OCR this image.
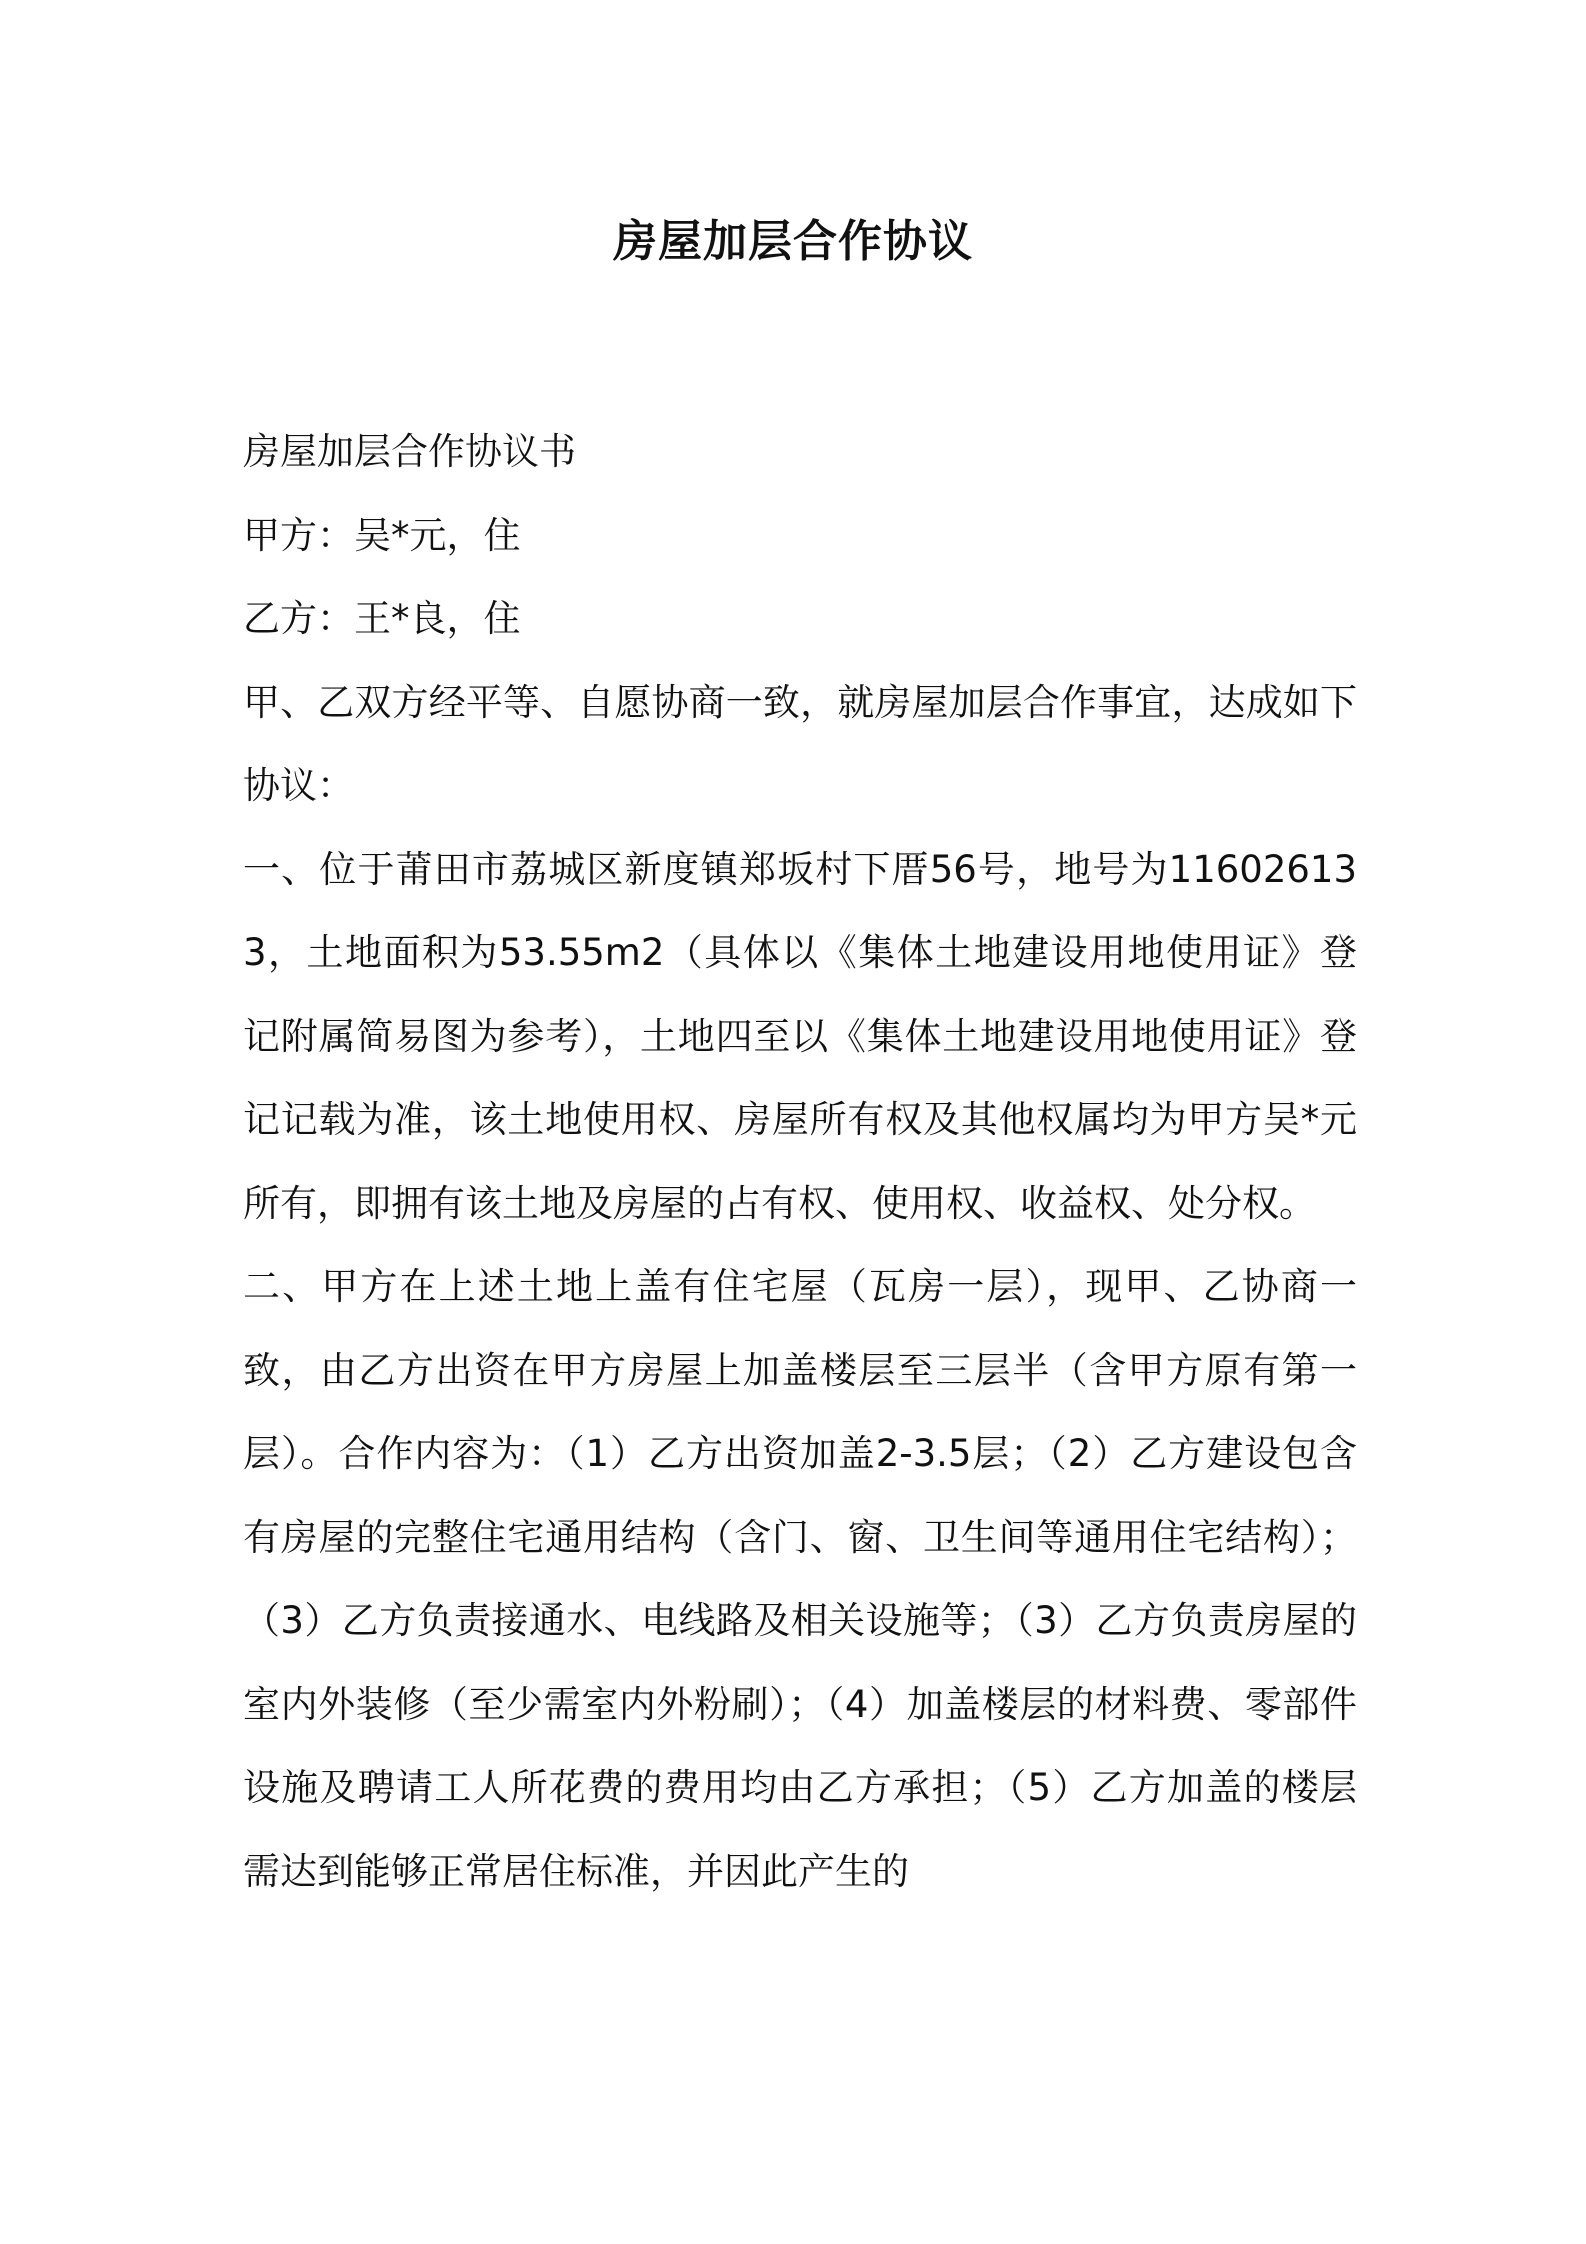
房屋加层合作协议

房屋加层合作协议书

甲方：吴*元，住

乙方：王*良，住

甲、乙双方经平等、自愿协商一致，就房屋加层合作事宜，达成如下协议：

一、位于莆田市荔城区新度镇郑坂村下厝56号，地号为116026133，土地面积为53.55m2（具体以《集体土地建设用地使用证》登记附属简易图为参考），土地四至以《集体土地建设用地使用证》登记记载为准，该土地使用权、房屋所有权及其他权属均为甲方吴*元所有，即拥有该土地及房屋的占有权、使用权、收益权、处分权。

二、甲方在上述土地上盖有住宅屋（瓦房一层），现甲、乙协商一致，由乙方出资在甲方房屋上加盖楼层至三层半（含甲方原有第一层）。合作内容为：（1）乙方出资加盖2-3.5层；（2）乙方建设包含有房屋的完整住宅通用结构（含门、窗、卫生间等通用住宅结构）；（3）乙方负责接通水、电线路及相关设施等；（3）乙方负责房屋的室内外装修（至少需室内外粉刷）；（4）加盖楼层的材料费、零部件设施及聘请工人所花费的费用均由乙方承担；（5）乙方加盖的楼层需达到能够正常居住标准，并因此产生的
